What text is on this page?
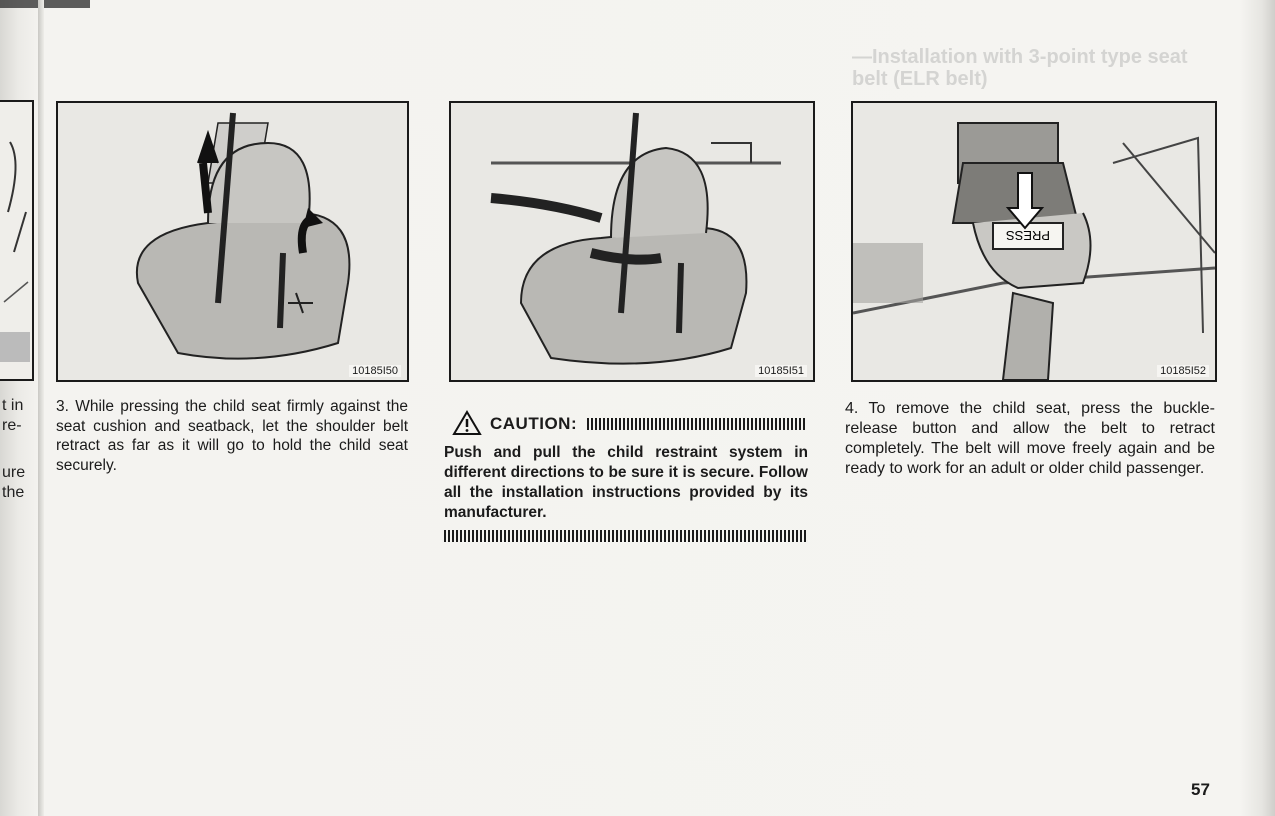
t in
re-
ure
the
—Installation with 3-point type seat belt (ELR belt)
10185I50	10185I51
PRESS
10185I52
3. While pressing the child seat firmly against the seat cushion and seatback, let the shoulder belt retract as far as it will go to hold the child seat securely.
CAUTION:
Push and pull the child restraint system in different directions to be sure it is secure. Follow all the installation instructions provided by its manufacturer.
4. To remove the child seat, press the buckle-release button and allow the belt to retract completely. The belt will move freely again and be ready to work for an adult or older child passenger.
57
